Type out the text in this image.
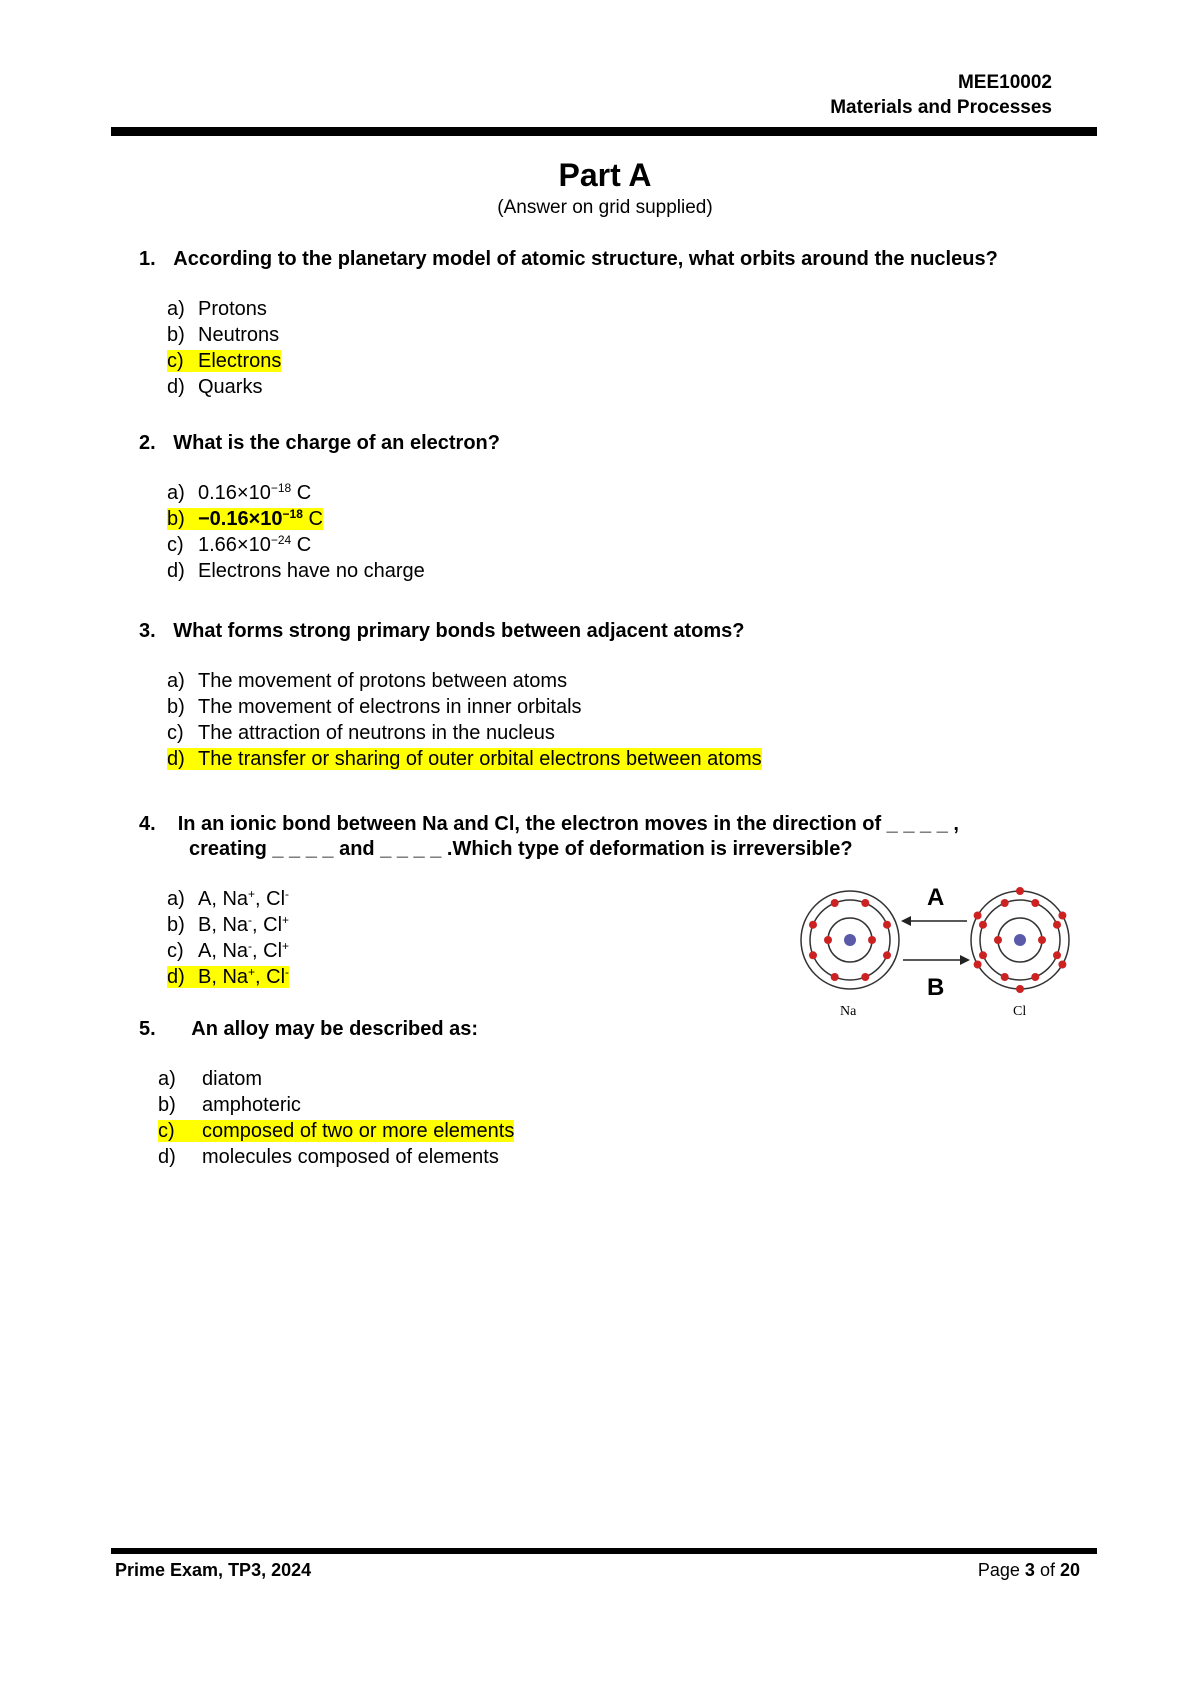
MEE10002
Materials and Processes
Part A
(Answer on grid supplied)
1. According to the planetary model of atomic structure, what orbits around the nucleus?
a) Protons
b) Neutrons
c) Electrons
d) Quarks
2. What is the charge of an electron?
a) $0.16\times 10^{-18}$ C
$b) -0.16\times 10^{-18}$ C
c) $1.66\times 10^{-24}$ C
d) Electrons have no charge
3. What forms strong primary bonds between adjacent atoms?
a) The movement of protons between atoms
b) The movement of electrons in inner orbitals
c) The attraction of neutrons in the nucleus
d) The transfer or sharing of outer orbital electrons between atoms
4. In an ionic bond between Na and Cl, the electron moves in the direction of _ _ _ _ ,
creating _ _ _ _ and _ _ _ _ .Which type of deformation is irreversible?
a) A, Na+, Cl-
b) B, Na-, Cl+
c) A, Na-, Cl+
d) B, Na+, Cl-
A
B
Na	Cl
5. An alloy may be described as:
a) diatom
b) amphoteric
c) composed of two or more elements
d) molecules composed of elements
Prime Exam, TP3, 2024	Page 3 of 20
